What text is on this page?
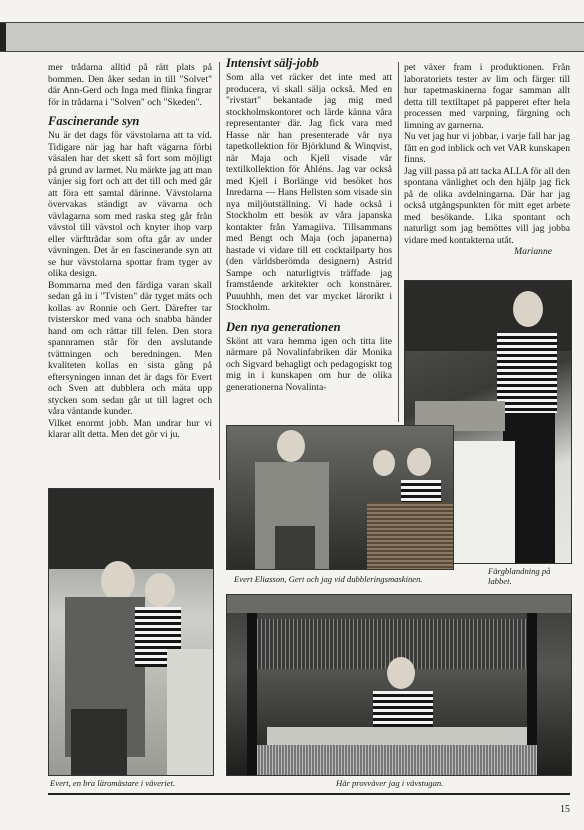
mer trådarna alltid på rätt plats på bommen. Den åker sedan in till "Solvet" där Ann-Gerd och Inga med flinka fingrar för in trådarna i "Solven" och "Skeden".

Fascinerande syn

Nu är det dags för vävstolarna att ta vid. Tidigare när jag har haft vägarna förbi väsalen har det skett så fort som möjligt på grund av larmet. Nu märkte jag att man vänjer sig fort och att det till och med går att föra ett samtal därinne. Vävstolarna övervakas ständigt av vävarna och vävlagarna som med raska steg går från vävstol till vävstol och knyter ihop varp eller värfttrådar som ofta går av under vävningen. Det är en fascinerande syn att se hur vävstolarna spottar fram tyger av olika design.

Bommarna med den färdiga varan skall sedan gå in i "Tvisten" där tyget mäts och kollas av Ronnie och Gert. Därefter tar tvisterskor med vana och snabba händer hand om och rättar till felen. Den stora spannramen står för den avslutande tvättningen och beredningen. Men kvaliteten kollas en sista gång på eftersyningen innan det är dags för Evert och Sven att dubblera och mäta upp stycken som sedan går ut till lagret och våra väntande kunder.

Vilket enormt jobb. Man undrar hur vi klarar allt detta. Men det gör vi ju.

Intensivt sälj-jobb

Som alla vet räcker det inte med att producera, vi skall sälja också. Med en "rivstart" bekantade jag mig med stockholmskontoret och lärde känna våra representanter där. Jag fick vara med Hasse när han presenterade vår nya tapetkollektion för Björklund & Winqvist, när Maja och Kjell visade vår textilkollektion för Åhléns. Jag var också med Kjell i Borlänge vid besöket hos Inredarna — Hans Hellsten som visade sin nya miljöutställning. Vi hade också i Stockholm ett besök av våra japanska kontakter från Yamagiiva. Tillsammans med Bengt och Maja (och japanerna) hastade vi vidare till ett cocktailparty hos (den världsberömda designern) Astrid Sampe och naturligtvis träffade jag framstående arkitekter och konstnärer. Puuuhhh, men det var mycket lärorikt i Stockholm.

Den nya generationen

Skönt att vara hemma igen och titta lite närmare på Novalinfabriken där Monika och Sigvard behagligt och pedagogiskt tog mig in i kunskapen om hur de olika generationerna Novalinta-

pet växer fram i produktionen. Från laboratoriets tester av lim och färger till hur tapetmaskinerna fogar samman allt detta till textiltapet på papperet efter hela processen med varpning, färgning och limning av garnerna.

Nu vet jag hur vi jobbar, i varje fall har jag fått en god inblick och vet VAR kunskapen finns.

Jag vill passa på att tacka ALLA för all den spontana vänlighet och den hjälp jag fick på de olika avdelningarna. Där har jag också utgångspunkten för mitt eget arbete med besökande. Lika spontant och naturligt som jag bemöttes vill jag jobba vidare med kontakterna utåt.

Marianne

Färgblandning på labbet.
Evert Eliasson, Gert och jag vid dubbleringsmaskinen.
Evert, en bra läromästare i väveriet.	Här provväver jag i vävstugan.
15
